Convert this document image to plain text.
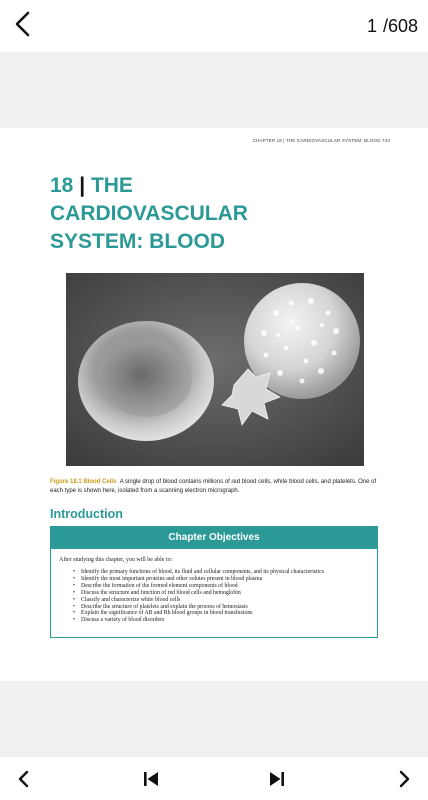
1 /608
CHAPTER 18 | THE CARDIOVASCULAR SYSTEM: BLOOD 743
18 | THE
CARDIOVASCULAR
SYSTEM: BLOOD
Figure 18.1 Blood Cells A single drop of blood contains millions of red blood cells, white blood cells, and platelets. One of each type is shown here, isolated from a scanning electron micrograph.
Introduction
Chapter Objectives
After studying this chapter, you will be able to:
• Identify the primary functions of blood, its fluid and cellular components, and its physical characteristics
• Identify the most important proteins and other solutes present in blood plasma
• Describe the formation of the formed element components of blood
• Discuss the structure and function of red blood cells and hemoglobin
• Classify and characterize white blood cells
• Describe the structure of platelets and explain the process of hemostasis
• Explain the significance of AB and Rh blood groups in blood transfusions
• Discuss a variety of blood disorders
